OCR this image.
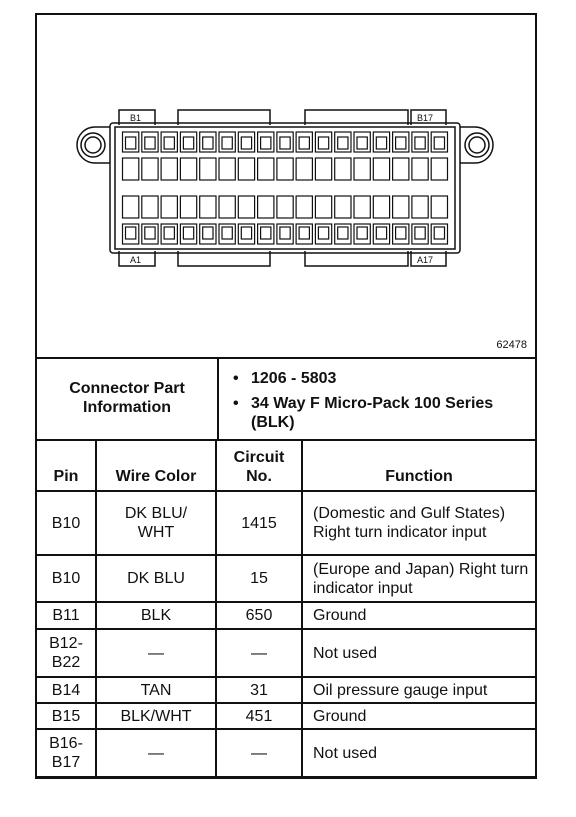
B1	B17
A1	A17
62478
Connector Part Information
• 1206 - 5803
• 34 Way F Micro-Pack 100 Series (BLK)
Pin	Wire Color	Circuit No.	Function
B10	DK BLU/ WHT	1415	(Domestic and Gulf States) Right turn indicator input
B10	DK BLU	15	(Europe and Japan) Right turn indicator input
B11	BLK	650	Ground
B12- B22	—	—	Not used
B14	TAN	31	Oil pressure gauge input
B15	BLK/WHT	451	Ground
B16- B17	—	—	Not used
